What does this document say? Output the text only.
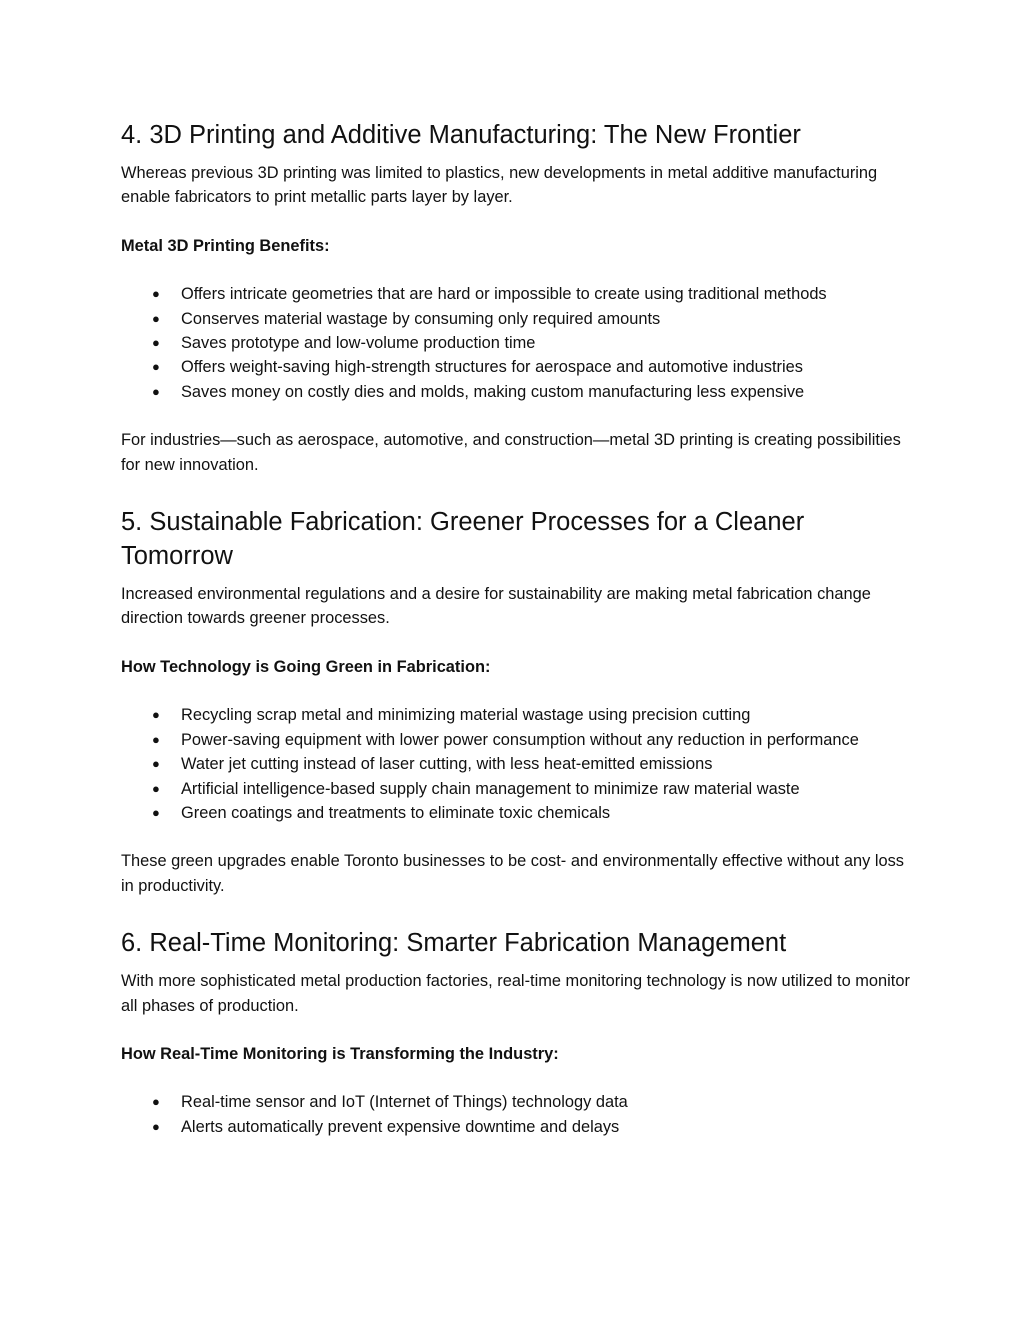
4. 3D Printing and Additive Manufacturing: The New Frontier

Whereas previous 3D printing was limited to plastics, new developments in metal additive manufacturing enable fabricators to print metallic parts layer by layer.

Metal 3D Printing Benefits:

● Offers intricate geometries that are hard or impossible to create using traditional methods
● Conserves material wastage by consuming only required amounts
● Saves prototype and low-volume production time
● Offers weight-saving high-strength structures for aerospace and automotive industries
● Saves money on costly dies and molds, making custom manufacturing less expensive

For industries—such as aerospace, automotive, and construction—metal 3D printing is creating possibilities for new innovation.

5. Sustainable Fabrication: Greener Processes for a Cleaner Tomorrow

Increased environmental regulations and a desire for sustainability are making metal fabrication change direction towards greener processes.

How Technology is Going Green in Fabrication:

● Recycling scrap metal and minimizing material wastage using precision cutting
● Power-saving equipment with lower power consumption without any reduction in performance
● Water jet cutting instead of laser cutting, with less heat-emitted emissions
● Artificial intelligence-based supply chain management to minimize raw material waste
● Green coatings and treatments to eliminate toxic chemicals

These green upgrades enable Toronto businesses to be cost- and environmentally effective without any loss in productivity.

6. Real-Time Monitoring: Smarter Fabrication Management

With more sophisticated metal production factories, real-time monitoring technology is now utilized to monitor all phases of production.

How Real-Time Monitoring is Transforming the Industry:

● Real-time sensor and IoT (Internet of Things) technology data
● Alerts automatically prevent expensive downtime and delays
